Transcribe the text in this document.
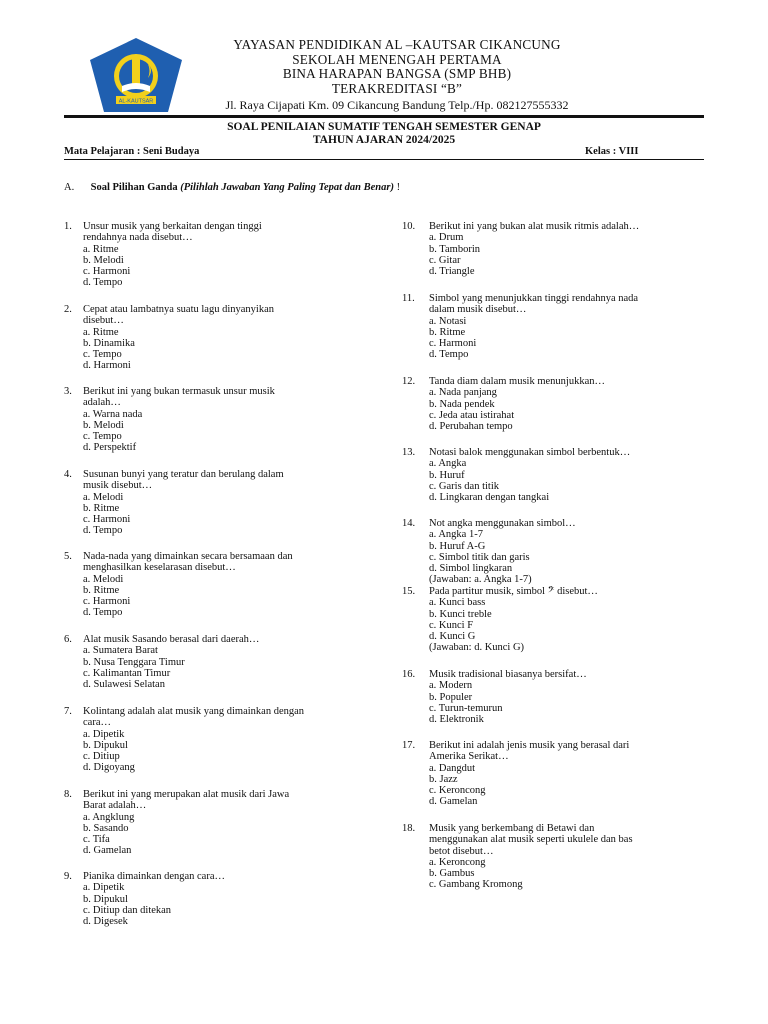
AL-KAUTSAR
YAYASAN PENDIDIKAN AL –KAUTSAR CIKANCUNG
SEKOLAH MENENGAH PERTAMA
BINA HARAPAN BANGSA (SMP BHB)
TERAKREDITASI “B”
Jl. Raya Cijapati Km. 09 Cikancung Bandung Telp./Hp. 082127555332
SOAL PENILAIAN SUMATIF TENGAH SEMESTER GENAP
TAHUN AJARAN 2024/2025
Mata Pelajaran : Seni Budaya	Kelas : VIII
A. Soal Pilihan Ganda (Pilihlah Jawaban Yang Paling Tepat dan Benar) !
1. Unsur musik yang berkaitan dengan tinggi
rendahnya nada disebut…
a. Ritme
b. Melodi
c. Harmoni
d. Tempo
2. Cepat atau lambatnya suatu lagu dinyanyikan
disebut…
a. Ritme
b. Dinamika
c. Tempo
d. Harmoni
3. Berikut ini yang bukan termasuk unsur musik
adalah…
a. Warna nada
b. Melodi
c. Tempo
d. Perspektif
4. Susunan bunyi yang teratur dan berulang dalam
musik disebut…
a. Melodi
b. Ritme
c. Harmoni
d. Tempo
5. Nada-nada yang dimainkan secara bersamaan dan
menghasilkan keselarasan disebut…
a. Melodi
b. Ritme
c. Harmoni
d. Tempo
6. Alat musik Sasando berasal dari daerah…
a. Sumatera Barat
b. Nusa Tenggara Timur
c. Kalimantan Timur
d. Sulawesi Selatan
7. Kolintang adalah alat musik yang dimainkan dengan
cara…
a. Dipetik
b. Dipukul
c. Ditiup
d. Digoyang
8. Berikut ini yang merupakan alat musik dari Jawa
Barat adalah…
a. Angklung
b. Sasando
c. Tifa
d. Gamelan
9. Pianika dimainkan dengan cara…
a. Dipetik
b. Dipukul
c. Ditiup dan ditekan
d. Digesek
10. Berikut ini yang bukan alat musik ritmis adalah…
a. Drum
b. Tamborin
c. Gitar
d. Triangle
11. Simbol yang menunjukkan tinggi rendahnya nada
dalam musik disebut…
a. Notasi
b. Ritme
c. Harmoni
d. Tempo
12. Tanda diam dalam musik menunjukkan…
a. Nada panjang
b. Nada pendek
c. Jeda atau istirahat
d. Perubahan tempo
13. Notasi balok menggunakan simbol berbentuk…
a. Angka
b. Huruf
c. Garis dan titik
d. Lingkaran dengan tangkai
14. Not angka menggunakan simbol…
a. Angka 1-7
b. Huruf A-G
c. Simbol titik dan garis
d. Simbol lingkaran
(Jawaban: a. Angka 1-7)
15. Pada partitur musik, simbol 𝄢 disebut…
a. Kunci bass
b. Kunci treble
c. Kunci F
d. Kunci G
(Jawaban: d. Kunci G)
16. Musik tradisional biasanya bersifat…
a. Modern
b. Populer
c. Turun-temurun
d. Elektronik
17. Berikut ini adalah jenis musik yang berasal dari
Amerika Serikat…
a. Dangdut
b. Jazz
c. Keroncong
d. Gamelan
18. Musik yang berkembang di Betawi dan
menggunakan alat musik seperti ukulele dan bas
betot disebut…
a. Keroncong
b. Gambus
c. Gambang Kromong
